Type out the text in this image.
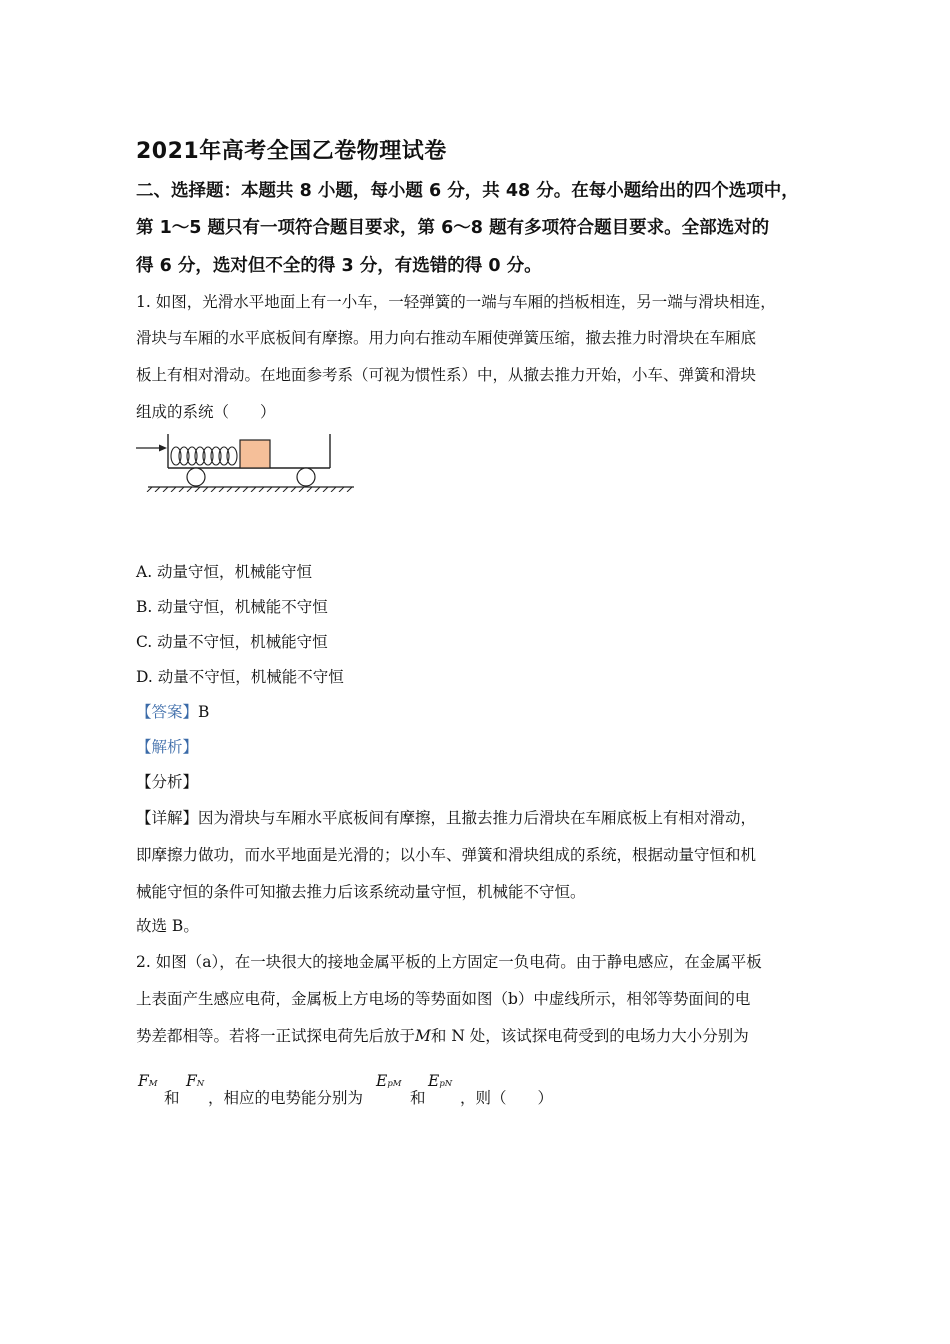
2021年高考全国乙卷物理试卷
二、选择题：本题共 8 小题，每小题 6 分，共 48 分。在每小题给出的四个选项中，
第 1～5 题只有一项符合题目要求，第 6～8 题有多项符合题目要求。全部选对的
得 6 分，选对但不全的得 3 分，有选错的得 0 分。
1. 如图，光滑水平地面上有一小车，一轻弹簧的一端与车厢的挡板相连，另一端与滑块相连，
滑块与车厢的水平底板间有摩擦。用力向右推动车厢使弹簧压缩，撤去推力时滑块在车厢底
板上有相对滑动。在地面参考系（可视为惯性系）中，从撤去推力开始，小车、弹簧和滑块
组成的系统（　　）
A. 动量守恒，机械能守恒
B. 动量守恒，机械能不守恒
C. 动量不守恒，机械能守恒
D. 动量不守恒，机械能不守恒
【答案】B
【解析】
【分析】
【详解】因为滑块与车厢水平底板间有摩擦，且撤去推力后滑块在车厢底板上有相对滑动，
即摩擦力做功，而水平地面是光滑的；以小车、弹簧和滑块组成的系统，根据动量守恒和机
械能守恒的条件可知撤去推力后该系统动量守恒，机械能不守恒。
故选 B。
2. 如图（a），在一块很大的接地金属平板的上方固定一负电荷。由于静电感应，在金属平板
上表面产生感应电荷，金属板上方电场的等势面如图（b）中虚线所示，相邻等势面间的电
势差都相等。若将一正试探电荷先后放于M和 N 处，该试探电荷受到的电场力大小分别为
FM
和
FN
，相应的电势能分别为
EpM
和
EpN
，则（　　）
